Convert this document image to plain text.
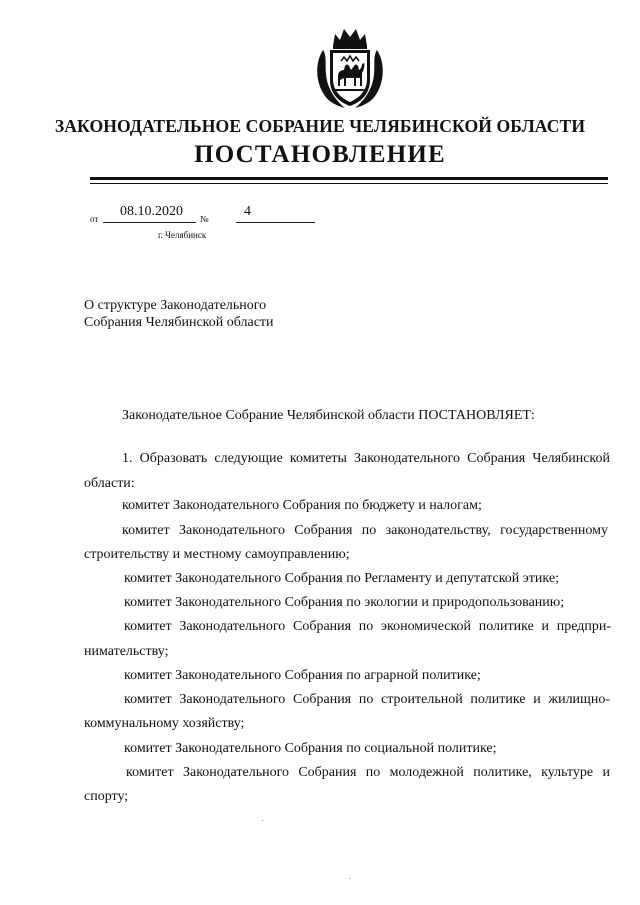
ЗАКОНОДАТЕЛЬНОЕ СОБРАНИЕ ЧЕЛЯБИНСКОЙ ОБЛАСТИ
ПОСТАНОВЛЕНИЕ
от 08.10.2020 №	4
г. Челябинск
О структуре Законодательного
Собрания Челябинской области
Законодательное Собрание Челябинской области ПОСТАНОВЛЯЕТ:
1. Образовать следующие комитеты Законодательного Собрания Челябинской
области:
комитет Законодательного Собрания по бюджету и налогам;
комитет Законодательного Собрания по законодательству, государственному
строительству и местному самоуправлению;
комитет Законодательного Собрания по Регламенту и депутатской этике;
комитет Законодательного Собрания по экологии и природопользованию;
комитет Законодательного Собрания по экономической политике и предпри-
нимательству;
комитет Законодательного Собрания по аграрной политике;
комитет Законодательного Собрания по строительной политике и жилищно-
коммунальному хозяйству;
комитет Законодательного Собрания по социальной политике;
комитет Законодательного Собрания по молодежной политике, культуре и
спорту;
